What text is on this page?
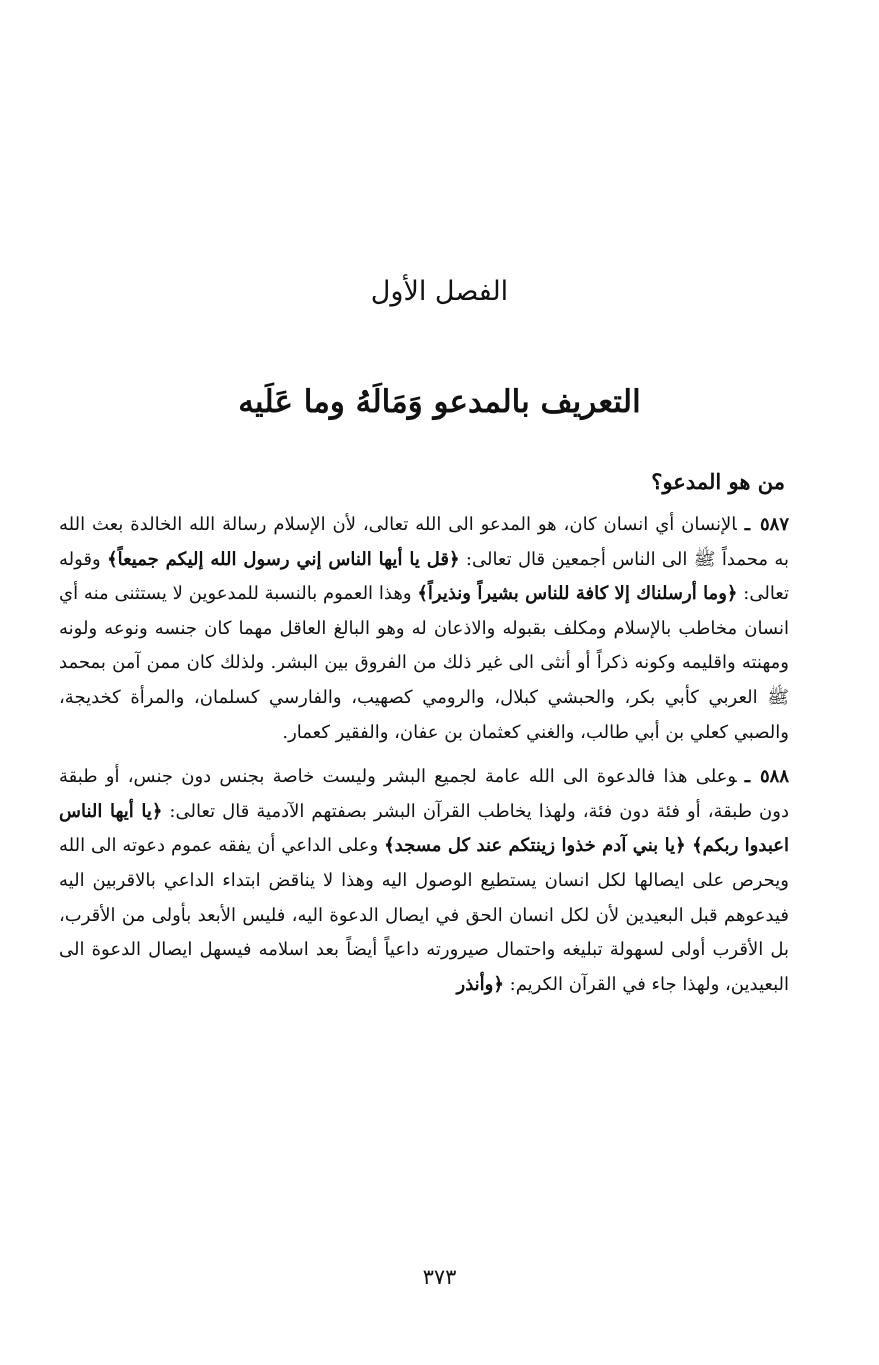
الفصل الأول
التعريف بالمدعو وَمَالَهُ وما عَلَيه
من هو المدعو؟

٥٨٧ـالإنسان أي انسان كان، هو المدعو الى الله تعالى، لأن الإسلام رسالة الله الخالدة بعث الله به محمداً ﷺ الى الناس أجمعين قال تعالى: ﴿قل يا أيها الناس إني رسول الله إليكم جميعاً﴾ وقوله تعالى: ﴿وما أرسلناك إلا كافة للناس بشيراً ونذيراً﴾ وهذا العموم بالنسبة للمدعوين لا يستثنى منه أي انسان مخاطب بالإسلام ومكلف بقبوله والاذعان له وهو البالغ العاقل مهما كان جنسه ونوعه ولونه ومهنته واقليمه وكونه ذكراً أو أنثى الى غير ذلك من الفروق بين البشر. ولذلك كان ممن آمن بمحمد ﷺ العربي كأبي بكر، والحبشي كبلال، والرومي كصهيب، والفارسي كسلمان، والمرأة كخديجة، والصبي كعلي بن أبي طالب، والغني كعثمان بن عفان، والفقير كعمار.

٥٨٨ـوعلى هذا فالدعوة الى الله عامة لجميع البشر وليست خاصة بجنس دون جنس، أو طبقة دون طبقة، أو فئة دون فئة، ولهذا يخاطب القرآن البشر بصفتهم الآدمية قال تعالى: ﴿يا أيها الناس اعبدوا ربكم﴾ ﴿يا بني آدم خذوا زينتكم عند كل مسجد﴾ وعلى الداعي أن يفقه عموم دعوته الى الله ويحرص على ايصالها لكل انسان يستطيع الوصول اليه وهذا لا يناقض ابتداء الداعي بالاقربين اليه فيدعوهم قبل البعيدين لأن لكل انسان الحق في ايصال الدعوة اليه، فليس الأبعد بأولى من الأقرب، بل الأقرب أولى لسهولة تبليغه واحتمال صيرورته داعياً أيضاً بعد اسلامه فيسهل ايصال الدعوة الى البعيدين، ولهذا جاء في القرآن الكريم: ﴿وأنذر

٣٧٣
